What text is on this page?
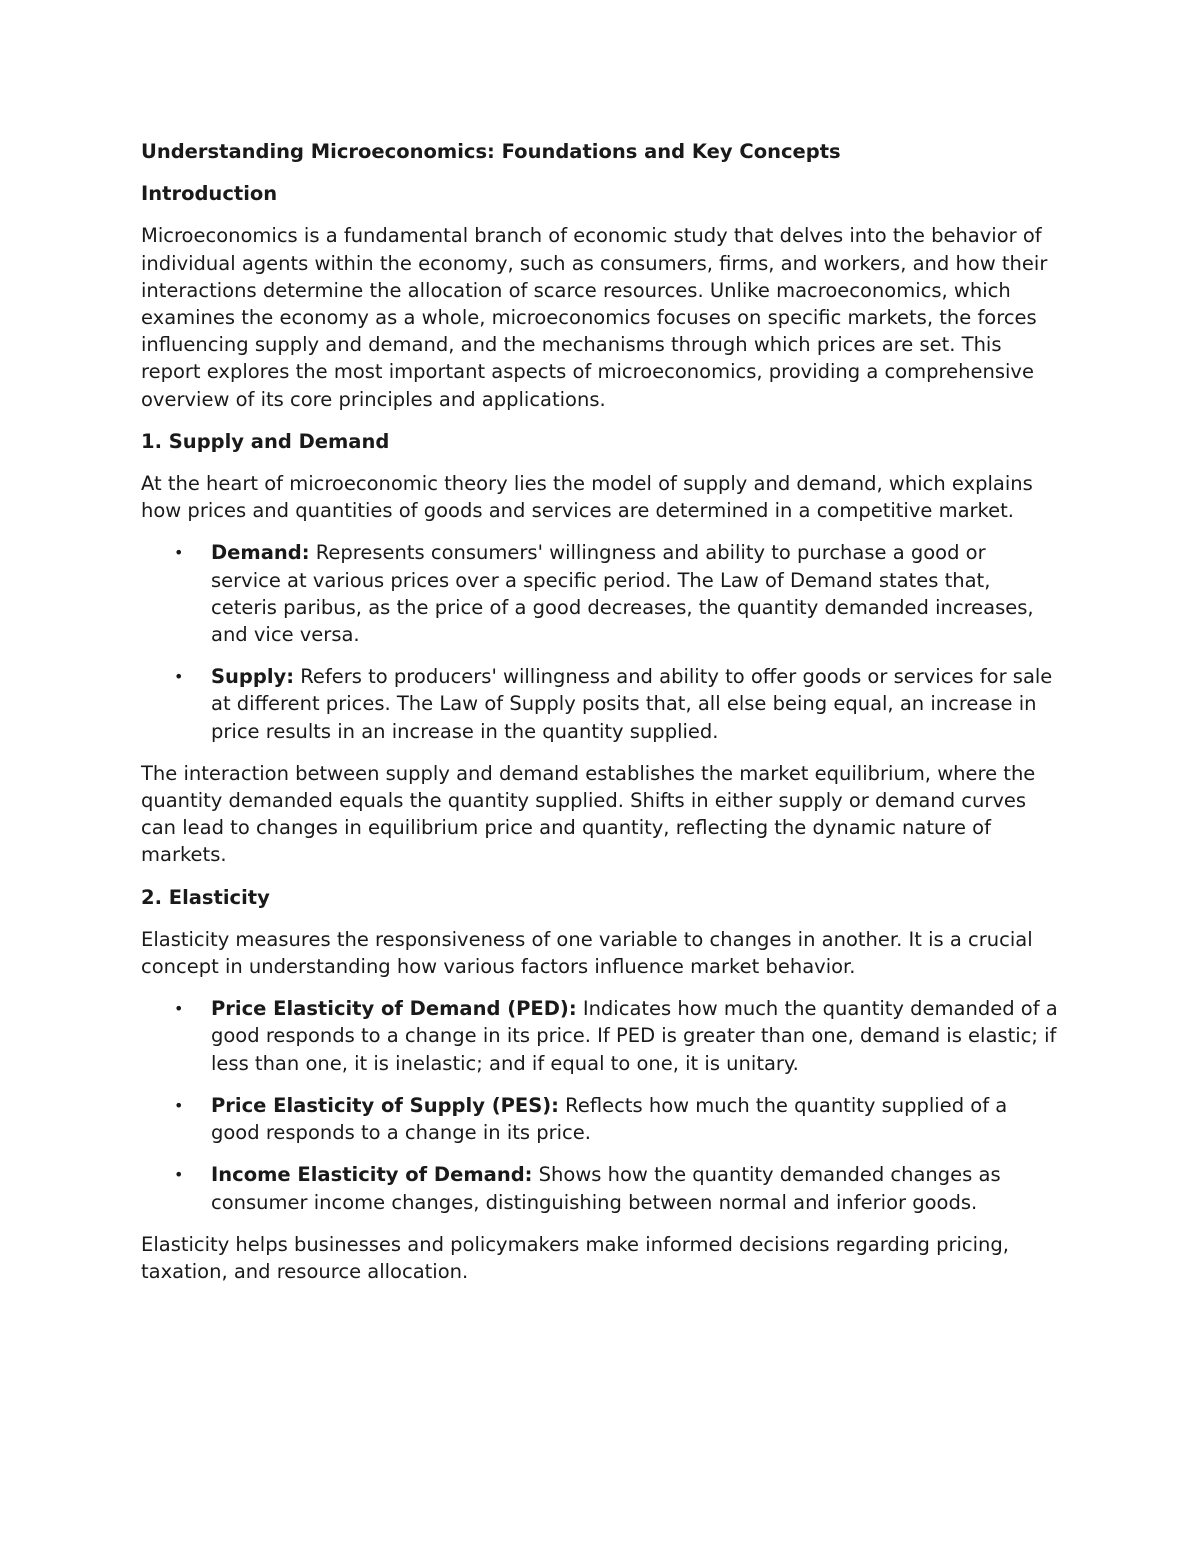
Understanding Microeconomics: Foundations and Key Concepts
Introduction

Microeconomics is a fundamental branch of economic study that delves into the behavior of individual agents within the economy, such as consumers, firms, and workers, and how their interactions determine the allocation of scarce resources. Unlike macroeconomics, which examines the economy as a whole, microeconomics focuses on specific markets, the forces influencing supply and demand, and the mechanisms through which prices are set. This report explores the most important aspects of microeconomics, providing a comprehensive overview of its core principles and applications.

1. Supply and Demand

At the heart of microeconomic theory lies the model of supply and demand, which explains how prices and quantities of goods and services are determined in a competitive market.

• Demand: Represents consumers' willingness and ability to purchase a good or service at various prices over a specific period. The Law of Demand states that, ceteris paribus, as the price of a good decreases, the quantity demanded increases, and vice versa.
• Supply: Refers to producers' willingness and ability to offer goods or services for sale at different prices. The Law of Supply posits that, all else being equal, an increase in price results in an increase in the quantity supplied.

The interaction between supply and demand establishes the market equilibrium, where the quantity demanded equals the quantity supplied. Shifts in either supply or demand curves can lead to changes in equilibrium price and quantity, reflecting the dynamic nature of markets.

2. Elasticity

Elasticity measures the responsiveness of one variable to changes in another. It is a crucial concept in understanding how various factors influence market behavior.

• Price Elasticity of Demand (PED): Indicates how much the quantity demanded of a good responds to a change in its price. If PED is greater than one, demand is elastic; if less than one, it is inelastic; and if equal to one, it is unitary.
• Price Elasticity of Supply (PES): Reflects how much the quantity supplied of a good responds to a change in its price.
• Income Elasticity of Demand: Shows how the quantity demanded changes as consumer income changes, distinguishing between normal and inferior goods.

Elasticity helps businesses and policymakers make informed decisions regarding pricing, taxation, and resource allocation.
